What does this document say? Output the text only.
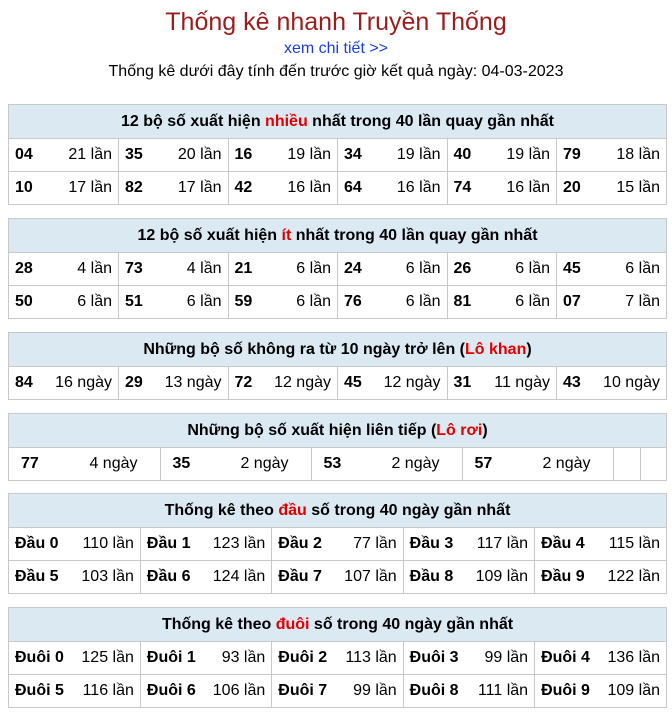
Thống kê nhanh Truyền Thống
xem chi tiết >>
Thống kê dưới đây tính đến trước giờ kết quả ngày: 04-03-2023
12 bộ số xuất hiện nhiều nhất trong 40 lần quay gần nhất
04 21 lần	35 20 lần	16 19 lần	34 19 lần	40 19 lần	79 18 lần

10 17 lần	82 17 lần	42 16 lần	64 16 lần	74 16 lần	20 15 lần
12 bộ số xuất hiện ít nhất trong 40 lần quay gần nhất
28 4 lần	73 4 lần	21 6 lần	24 6 lần	26 6 lần	45 6 lần

50 6 lần	51 6 lần	59 6 lần	76 6 lần	81 6 lần	07 7 lần
Những bộ số không ra từ 10 ngày trở lên (Lô khan)
84 16 ngày	29 13 ngày	72 12 ngày	45 12 ngày	31 11 ngày	43 10 ngày
Những bộ số xuất hiện liên tiếp (Lô rơi)
77	4 ngày	35	2 ngày	53	2 ngày	57	2 ngày

Thống kê theo đầu số trong 40 ngày gần nhất
Đầu 0 110 lần	Đầu 1 123 lần	Đầu 2 77 lần	Đầu 3 117 lần	Đầu 4 115 lần

Đầu 5 103 lần	Đầu 6 124 lần	Đầu 7 107 lần	Đầu 8 109 lần	Đầu 9 122 lần
Thống kê theo đuôi số trong 40 ngày gần nhất
Đuôi 0 125 lần	Đuôi 1 93 lần	Đuôi 2 113 lần	Đuôi 3 99 lần	Đuôi 4 136 lần

Đuôi 5 116 lần	Đuôi 6 106 lần	Đuôi 7 99 lần	Đuôi 8 111 lần	Đuôi 9 109 lần
